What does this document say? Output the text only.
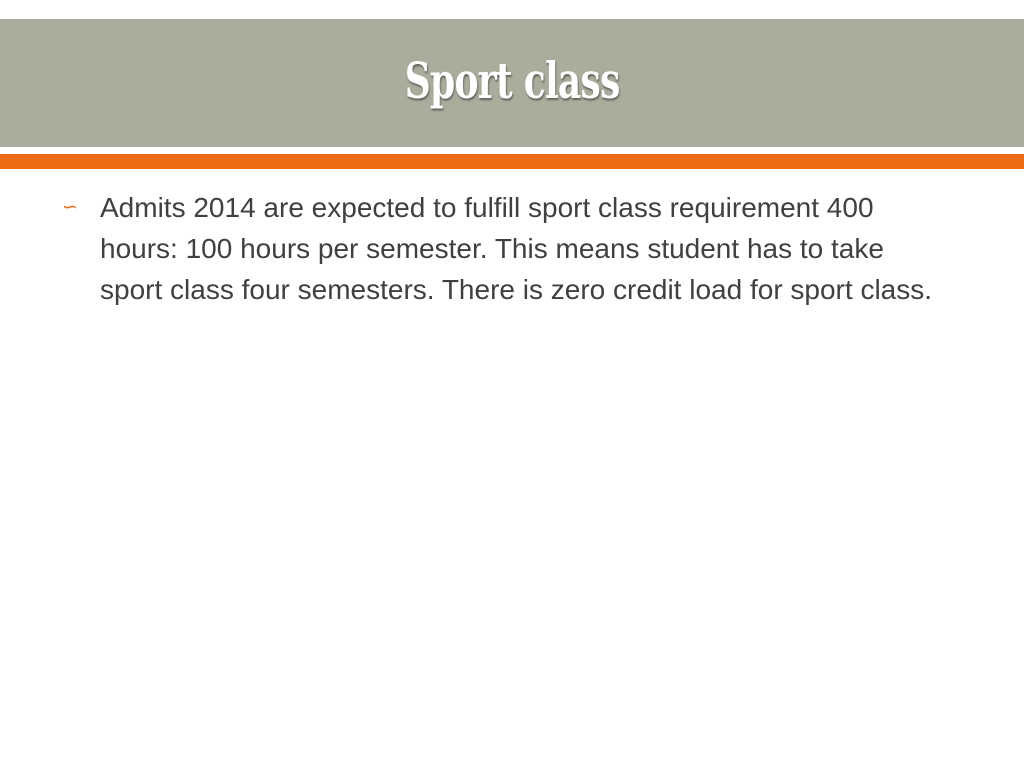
Sport class
∽ Admits 2014 are expected to fulfill sport class requirement 400 hours: 100 hours per semester. This means student has to take sport class four semesters. There is zero credit load for sport class.
